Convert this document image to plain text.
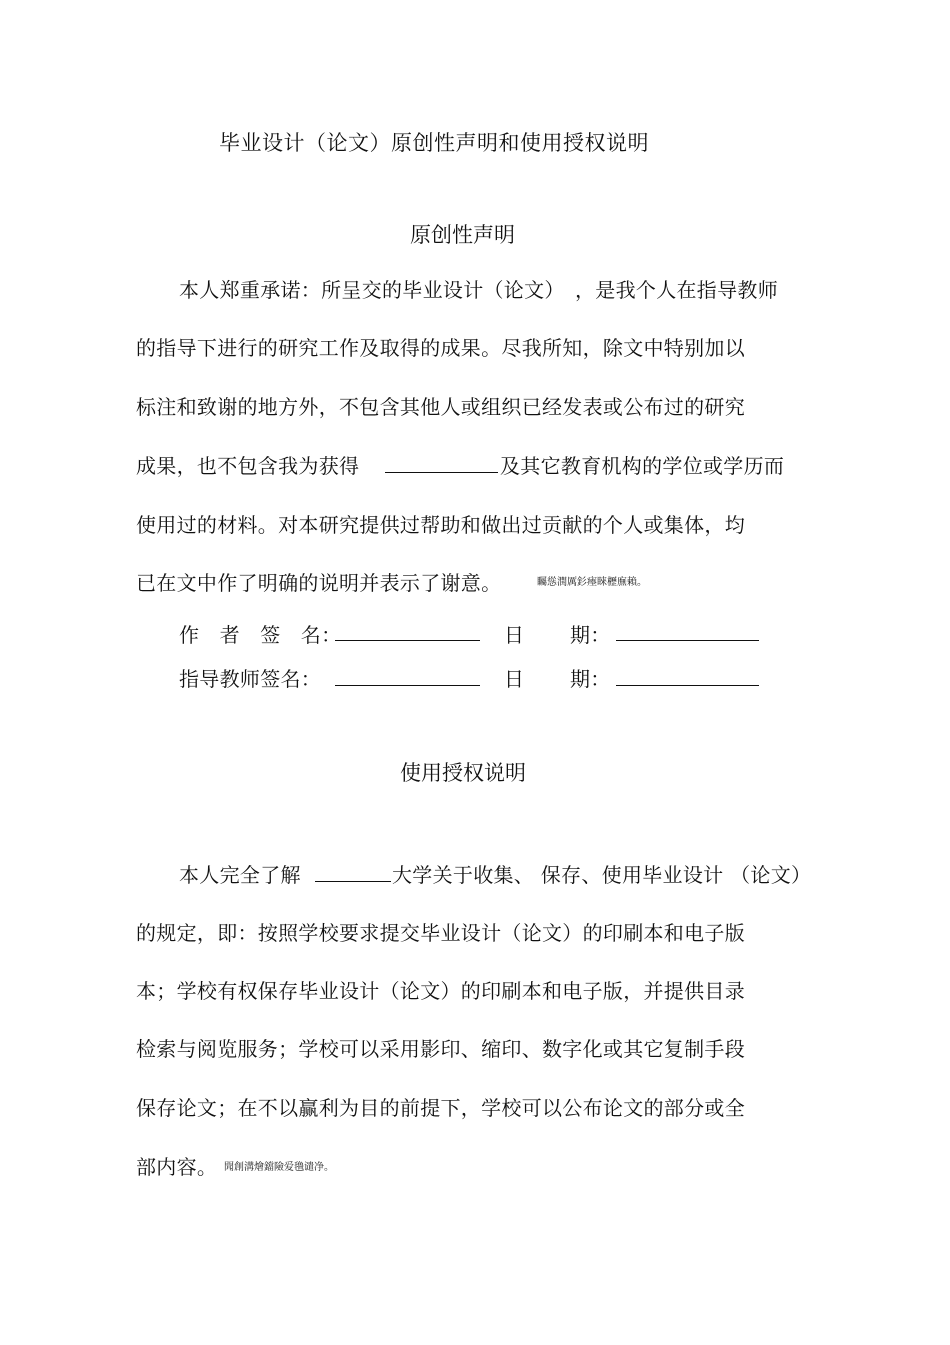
毕业设计（论文）原创性声明和使用授权说明
原创性声明
本人郑重承诺：所呈交的毕业设计（论文）　，是我个人在指导教师
的指导下进行的研究工作及取得的成果。尽我所知，除文中特别加以
标注和致谢的地方外，不包含其他人或组织已经发表或公布过的研究
成果，也不包含我为获得	及其它教育机构的学位或学历而
使用过的材料。对本研究提供过帮助和做出过贡献的个人或集体，均
已在文中作了明确的说明并表示了谢意。	矚慫潤厲釤瘞睞櫪廡賴。
作　者　签　名：	日 期：
指导教师签名：	日 期：
使用授权说明
本人完全了解	大学关于收集、 保存、使用毕业设计 （论文）
的规定，即：按照学校要求提交毕业设计（论文）的印刷本和电子版
本；学校有权保存毕业设计（论文）的印刷本和电子版，并提供目录
检索与阅览服务；学校可以采用影印、缩印、数字化或其它复制手段
保存论文；在不以赢利为目的前提下，学校可以公布论文的部分或全
部内容。 聞創溝燴鐺險爱氇谴净。
